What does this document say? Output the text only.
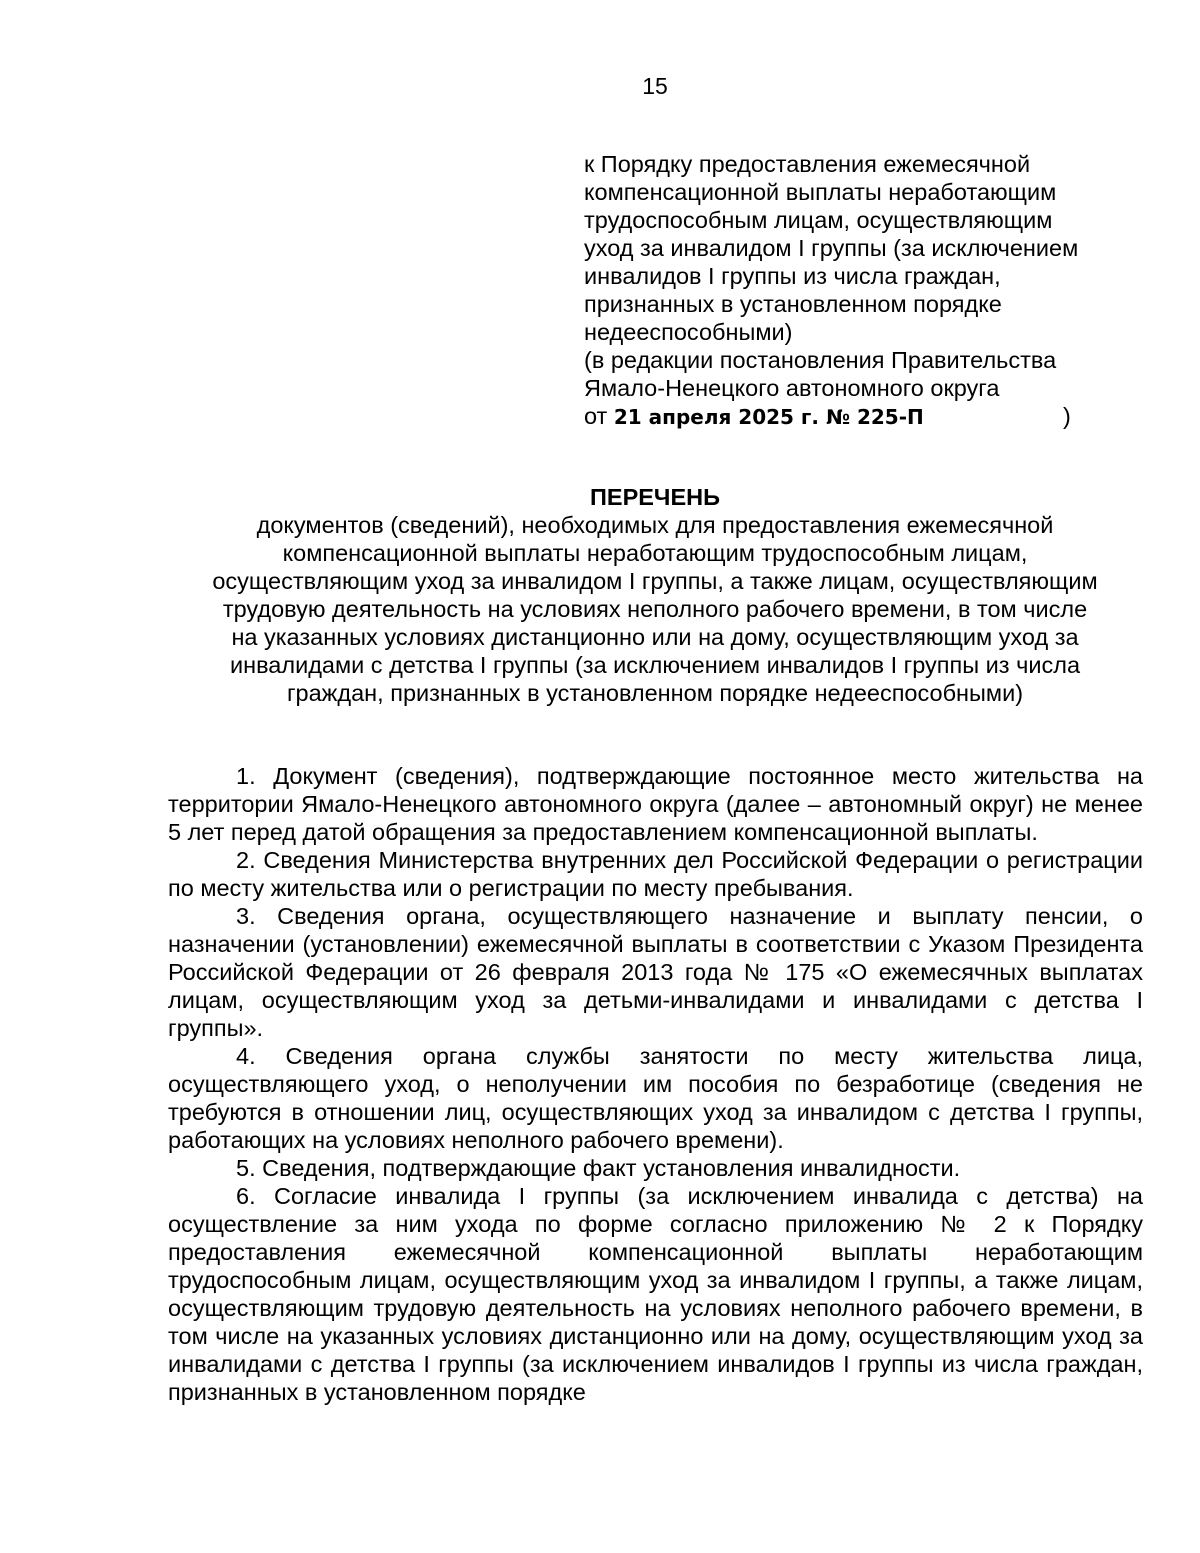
15

к Порядку предоставления ежемесячной

компенсационной выплаты неработающим

трудоспособным лицам, осуществляющим

уход за инвалидом I группы (за исключением

инвалидов I группы из числа граждан,

признанных в установленном порядке

недееспособными)

(в редакции постановления Правительства

Ямало-Ненецкого автономного округа

от 21 апреля 2025 г. № 225-П	)

ПЕРЕЧЕНЬ
документов (сведений), необходимых для предоставления ежемесячной
компенсационной выплаты неработающим трудоспособным лицам,
осуществляющим уход за инвалидом I группы, а также лицам, осуществляющим
трудовую деятельность на условиях неполного рабочего времени, в том числе
на указанных условиях дистанционно или на дому, осуществляющим уход за
инвалидами с детства I группы (за исключением инвалидов I группы из числа
граждан, признанных в установленном порядке недееспособными)

1. Документ (сведения), подтверждающие постоянное место жительства на территории Ямало-Ненецкого автономного округа (далее – автономный округ) не менее 5 лет перед датой обращения за предоставлением компенсационной выплаты.

2. Сведения Министерства внутренних дел Российской Федерации о регистрации по месту жительства или о регистрации по месту пребывания.

3. Сведения органа, осуществляющего назначение и выплату пенсии, о назначении (установлении) ежемесячной выплаты в соответствии с Указом Президента Российской Федерации от 26 февраля 2013 года № 175 «О ежемесячных выплатах лицам, осуществляющим уход за детьми-инвалидами и инвалидами с детства I группы».

4. Сведения органа службы занятости по месту жительства лица, осуществляющего уход, о неполучении им пособия по безработице (сведения не требуются в отношении лиц, осуществляющих уход за инвалидом с детства I группы, работающих на условиях неполного рабочего времени).

5. Сведения, подтверждающие факт установления инвалидности.

6. Согласие инвалида I группы (за исключением инвалида с детства) на осуществление за ним ухода по форме согласно приложению № 2 к Порядку предоставления ежемесячной компенсационной выплаты неработающим трудоспособным лицам, осуществляющим уход за инвалидом I группы, а также лицам, осуществляющим трудовую деятельность на условиях неполного рабочего времени, в том числе на указанных условиях дистанционно или на дому, осуществляющим уход за инвалидами с детства I группы (за исключением инвалидов I группы из числа граждан, признанных в установленном порядке
